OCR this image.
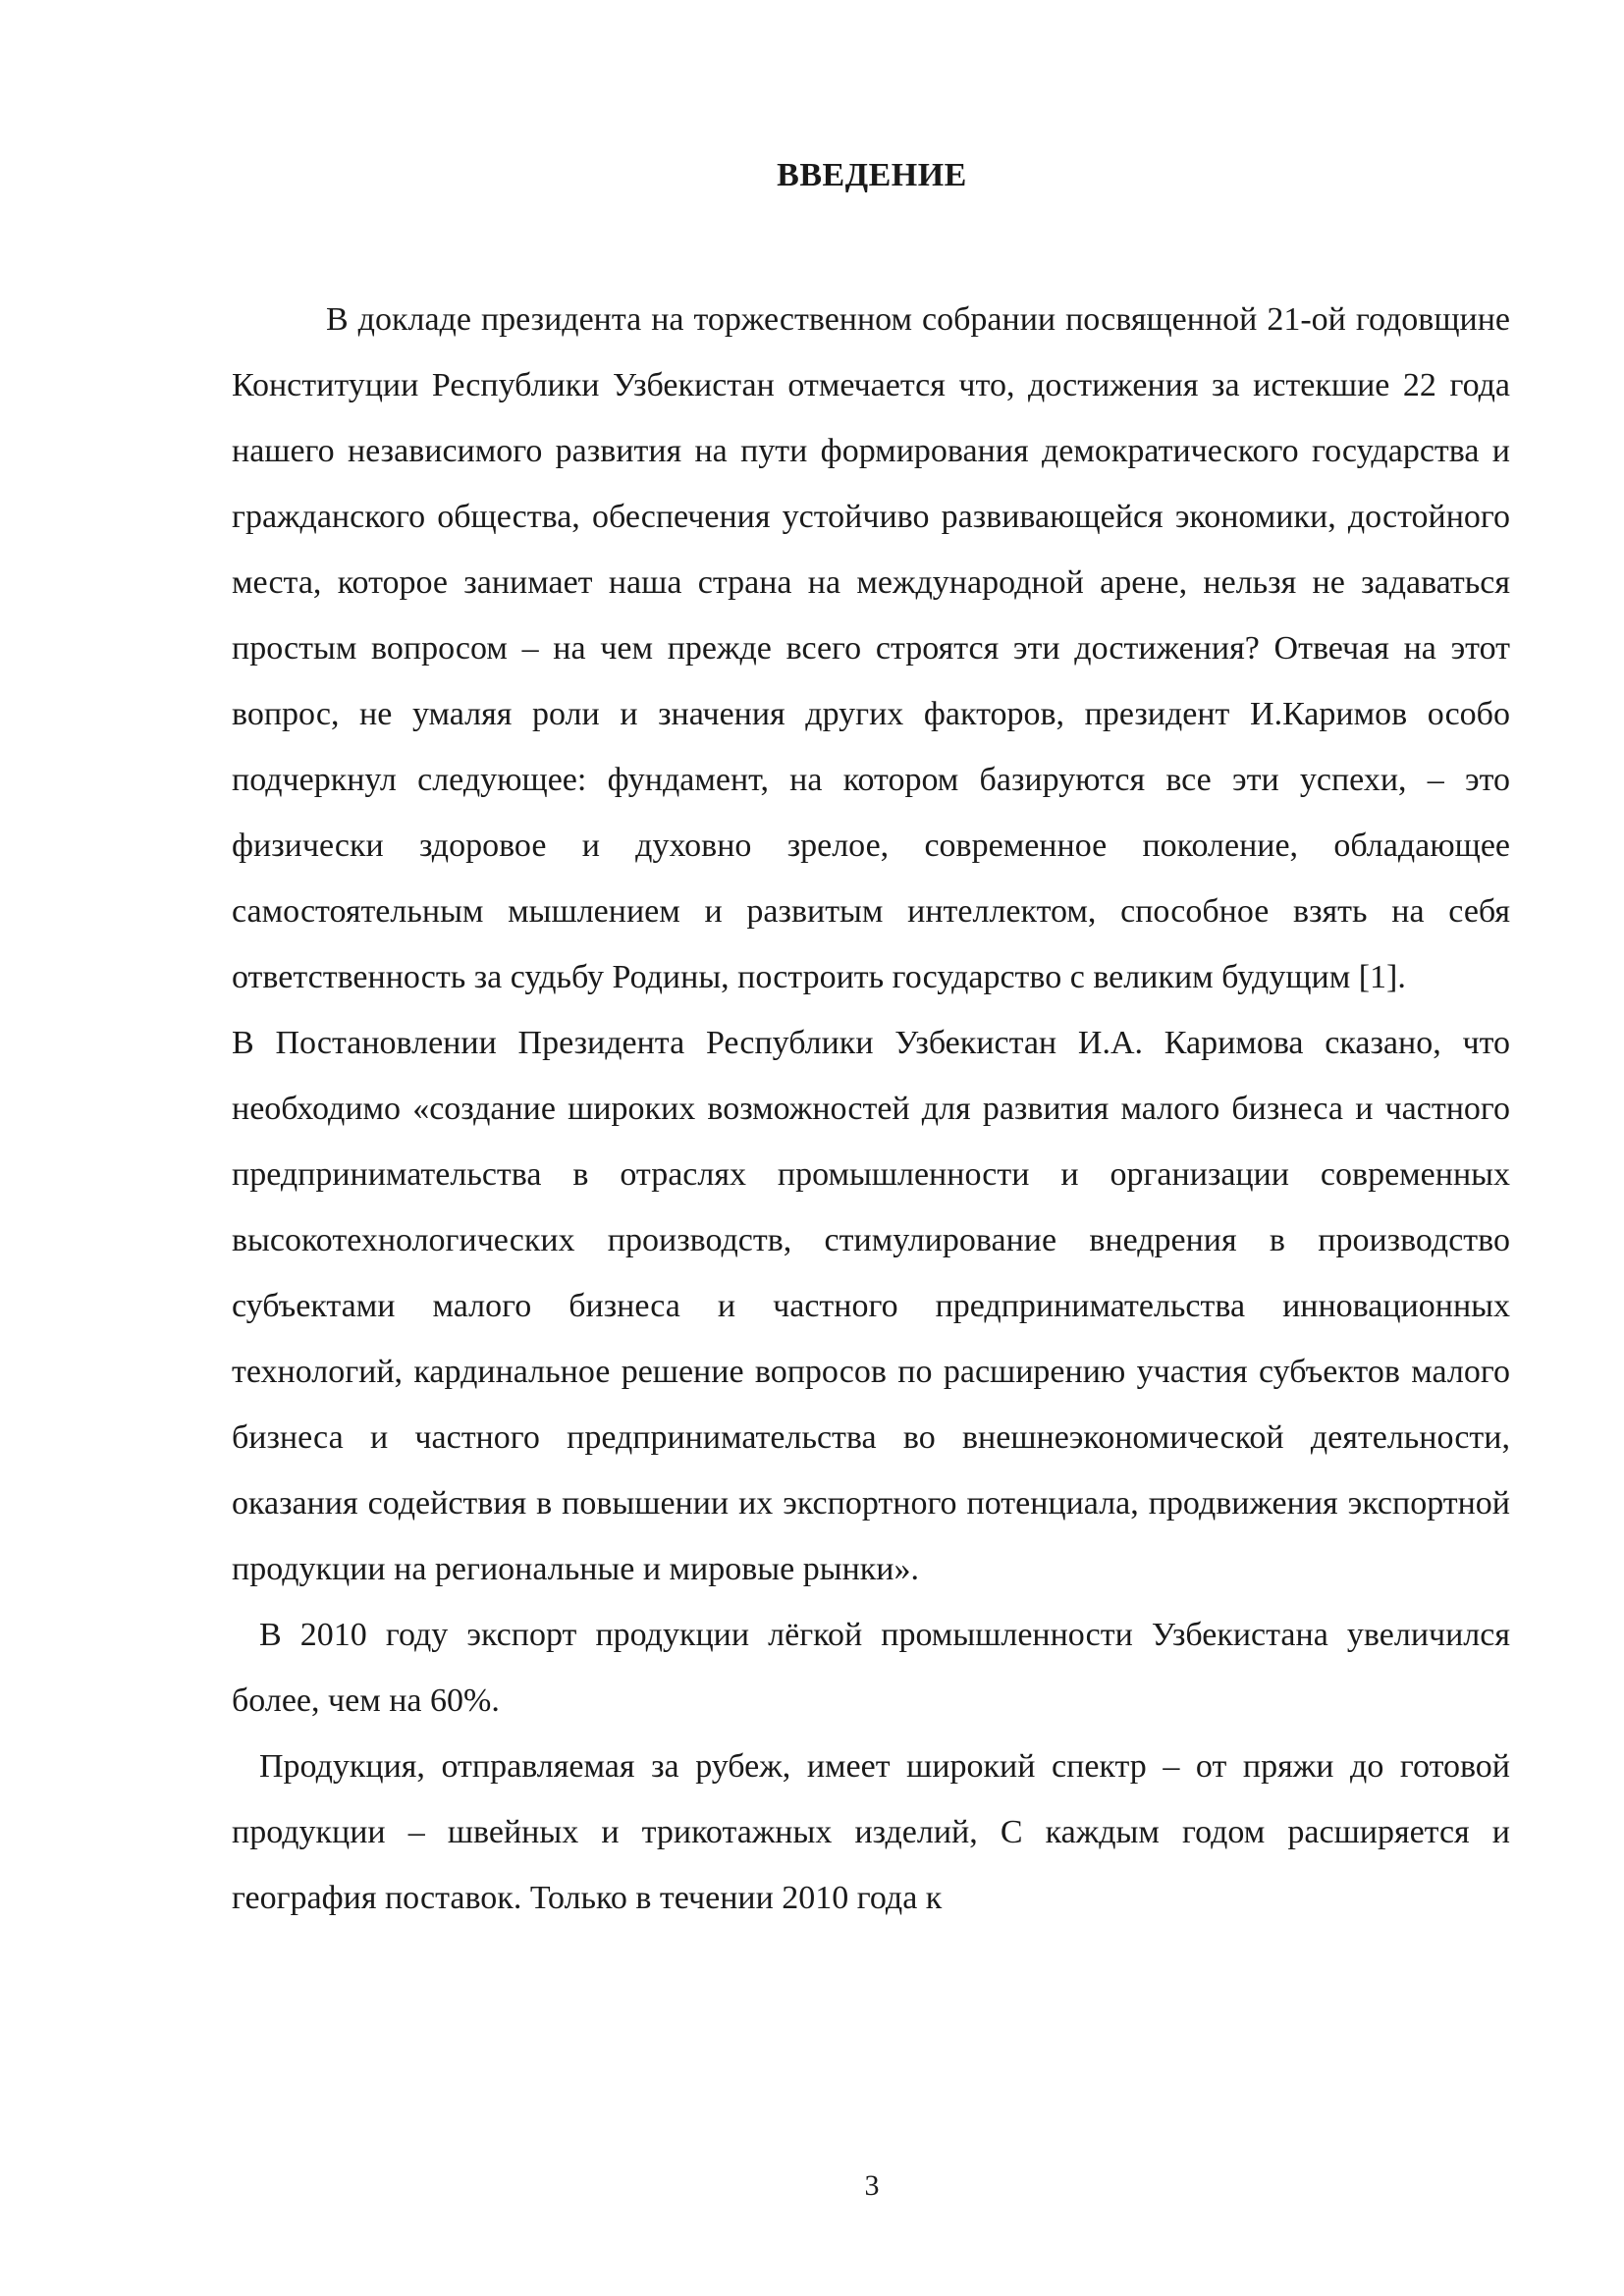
ВВЕДЕНИЕ

В докладе президента на торжественном собрании посвященной 21-ой годовщине Конституции Республики Узбекистан отмечается что, достижения за истекшие 22 года нашего независимого развития на пути формирования демократического государства и гражданского общества, обеспечения устойчиво развивающейся экономики, достойного места, которое занимает наша страна на международной арене, нельзя не задаваться простым вопросом – на чем прежде всего строятся эти достижения? Отвечая на этот вопрос, не умаляя роли и значения других факторов, президент И.Каримов особо подчеркнул следующее: фундамент, на котором базируются все эти успехи, – это физически здоровое и духовно зрелое, современное поколение, обладающее самостоятельным мышлением и развитым интеллектом, способное взять на себя ответственность за судьбу Родины, построить государство с великим будущим [1].

В Постановлении Президента Республики Узбекистан И.А. Каримова сказано, что необходимо «создание широких возможностей для развития малого бизнеса и частного предпринимательства в отраслях промышленности и организации современных высокотехнологических производств, стимулирование внедрения в производство субъектами малого бизнеса и частного предпринимательства инновационных технологий, кардинальное решение вопросов по расширению участия субъектов малого бизнеса и частного предпринимательства во внешнеэкономической деятельности, оказания содействия в повышении их экспортного потенциала, продвижения экспортной продукции на региональные и мировые рынки».

В 2010 году экспорт продукции лёгкой промышленности Узбекистана увеличился более, чем на 60%.

Продукция, отправляемая за рубеж, имеет широкий спектр – от пряжи до готовой продукции – швейных и трикотажных изделий, С каждым годом расширяется и география поставок. Только в течении 2010 года к

3
